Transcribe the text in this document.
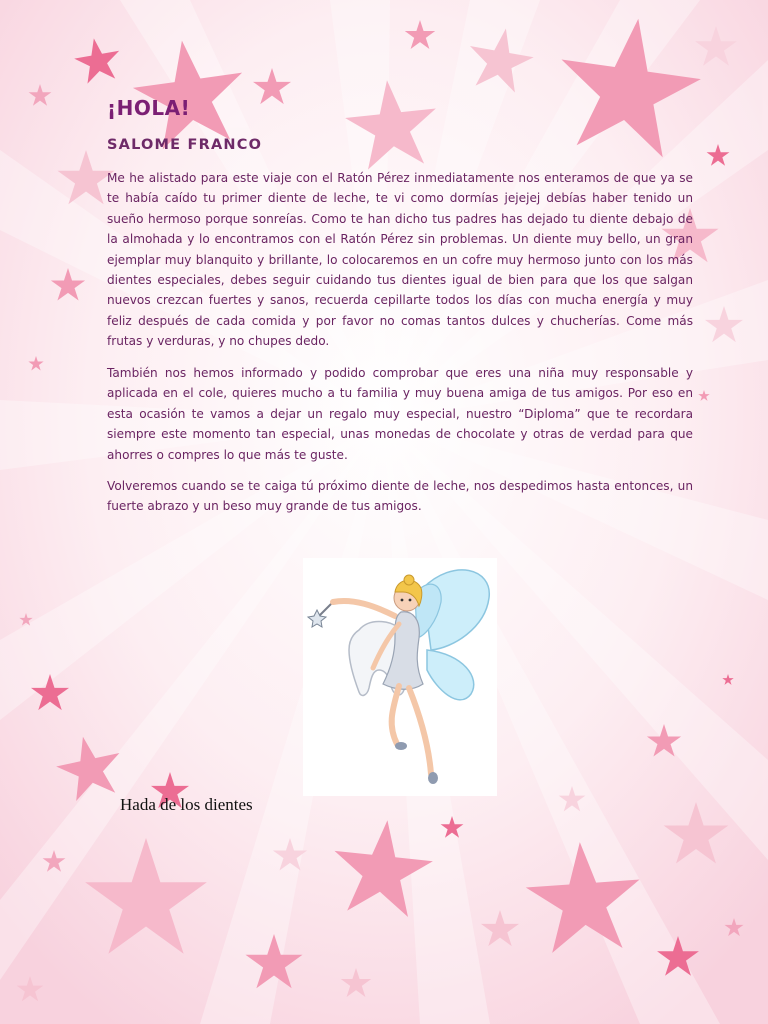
¡HOLA!
SALOME FRANCO

Me he alistado para este viaje con el Ratón Pérez inmediatamente nos enteramos de que ya se te había caído tu primer diente de leche, te vi como dormías jejejej debías haber tenido un sueño hermoso porque sonreías. Como te han dicho tus padres has dejado tu diente debajo de la almohada y lo encontramos con el Ratón Pérez sin problemas. Un diente muy bello, un gran ejemplar muy blanquito y brillante, lo colocaremos en un cofre muy hermoso junto con los más dientes especiales, debes seguir cuidando tus dientes igual de bien para que los que salgan nuevos crezcan fuertes y sanos, recuerda cepillarte todos los días con mucha energía y muy feliz después de cada comida y por favor no comas tantos dulces y chucherías. Come más frutas y verduras, y no chupes dedo.

También nos hemos informado y podido comprobar que eres una niña muy responsable y aplicada en el cole, quieres mucho a tu familia y muy buena amiga de tus amigos. Por eso en esta ocasión te vamos a dejar un regalo muy especial, nuestro “Diploma” que te recordara siempre este momento tan especial, unas monedas de chocolate y otras de verdad para que ahorres o compres lo que más te guste.

Volveremos cuando se te caiga tú próximo diente de leche, nos despedimos hasta entonces, un fuerte abrazo y un beso muy grande de tus amigos.

Hada de los dientes
